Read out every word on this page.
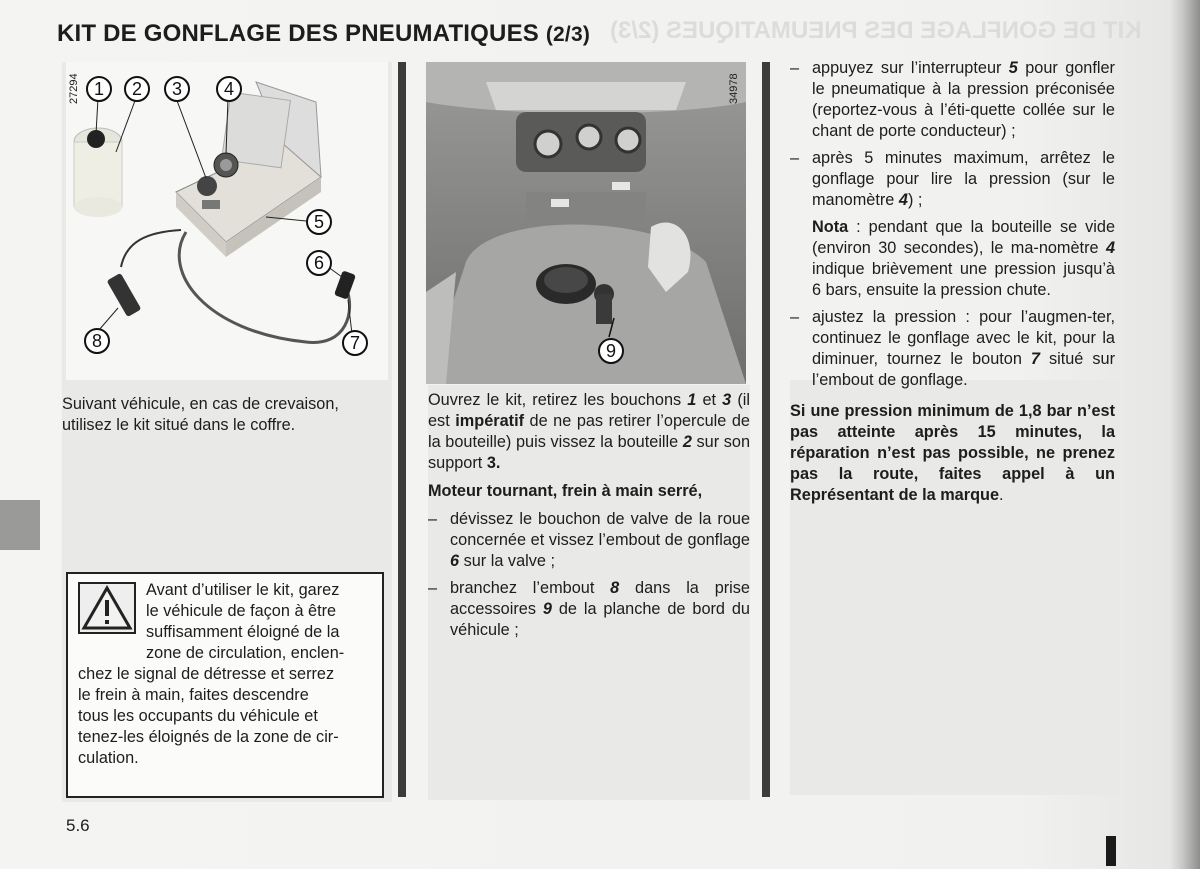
KIT DE GONFLAGE DES PNEUMATIQUES (2/3)
KIT DE GONFLAGE DES PNEUMATIQUES (2/3)
27294 1	2	3	4
5
6
7
8
34978
9
Suivant véhicule, en cas de crevaison, utilisez le kit situé dans le coffre.
Avant d’utiliser le kit, garez
le véhicule de façon à être
suffisamment éloigné de la
zone de circulation, enclen-
chez le signal de détresse et serrez
le frein à main, faites descendre
tous les occupants du véhicule et
tenez-les éloignés de la zone de cir-
culation.

Ouvrez le kit, retirez les bouchons 1 et 3 (il est impératif de ne pas retirer l’opercule de la bouteille) puis vissez la bouteille 2 sur son support 3.

Moteur tournant, frein à main serré,

– dévissez le bouchon de valve de la roue concernée et vissez l’embout de gonflage 6 sur la valve ;
– branchez l’embout 8 dans la prise accessoires 9 de la planche de bord du véhicule ;
– appuyez sur l’interrupteur 5 pour gonfler le pneumatique à la pression préconisée (reportez-vous à l’éti-quette collée sur le chant de porte conducteur) ;
– après 5 minutes maximum, arrêtez le gonflage pour lire la pression (sur le manomètre 4) ;

Nota : pendant que la bouteille se vide (environ 30 secondes), le ma-nomètre 4 indique brièvement une pression jusqu’à 6 bars, ensuite la pression chute.

– ajustez la pression : pour l’augmen-ter, continuez le gonflage avec le kit, pour la diminuer, tournez le bouton 7 situé sur l’embout de gonflage.

Si une pression minimum de 1,8 bar n’est pas atteinte après 15 minutes, la réparation n’est pas possible, ne prenez pas la route, faites appel à un Représentant de la marque.

5.6
